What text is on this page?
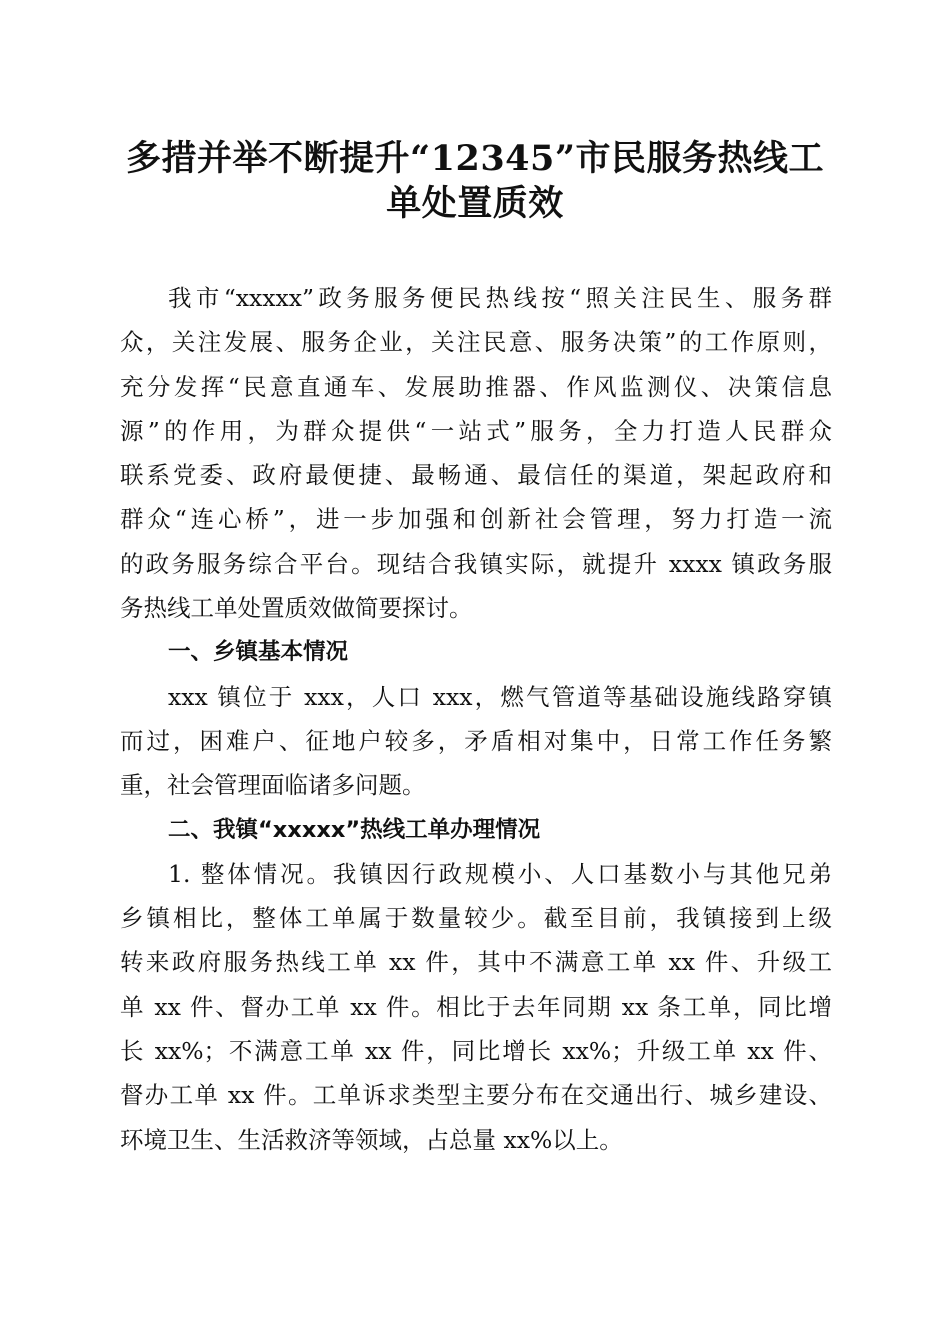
多措并举不断提升“12345”市民服务热线工
单处置质效
我市“xxxxx”政务服务便民热线按“照关注民生、服务群
众，关注发展、服务企业，关注民意、服务决策”的工作原则，
充分发挥“民意直通车、发展助推器、作风监测仪、决策信息
源”的作用，为群众提供“一站式”服务，全力打造人民群众
联系党委、政府最便捷、最畅通、最信任的渠道，架起政府和
群众“连心桥”，进一步加强和创新社会管理，努力打造一流
的政务服务综合平台。现结合我镇实际，就提升 xxxx 镇政务服
务热线工单处置质效做简要探讨。
一、乡镇基本情况
xxx 镇位于 xxx，人口 xxx，燃气管道等基础设施线路穿镇
而过，困难户、征地户较多，矛盾相对集中，日常工作任务繁
重，社会管理面临诸多问题。
二、我镇“xxxxx”热线工单办理情况
1. 整体情况。我镇因行政规模小、人口基数小与其他兄弟
乡镇相比，整体工单属于数量较少。截至目前，我镇接到上级
转来政府服务热线工单 xx 件，其中不满意工单 xx 件、升级工
单 xx 件、督办工单 xx 件。相比于去年同期 xx 条工单，同比增
长 xx%；不满意工单 xx 件，同比增长 xx%；升级工单 xx 件、
督办工单 xx 件。工单诉求类型主要分布在交通出行、城乡建设、
环境卫生、生活救济等领域，占总量 xx%以上。
